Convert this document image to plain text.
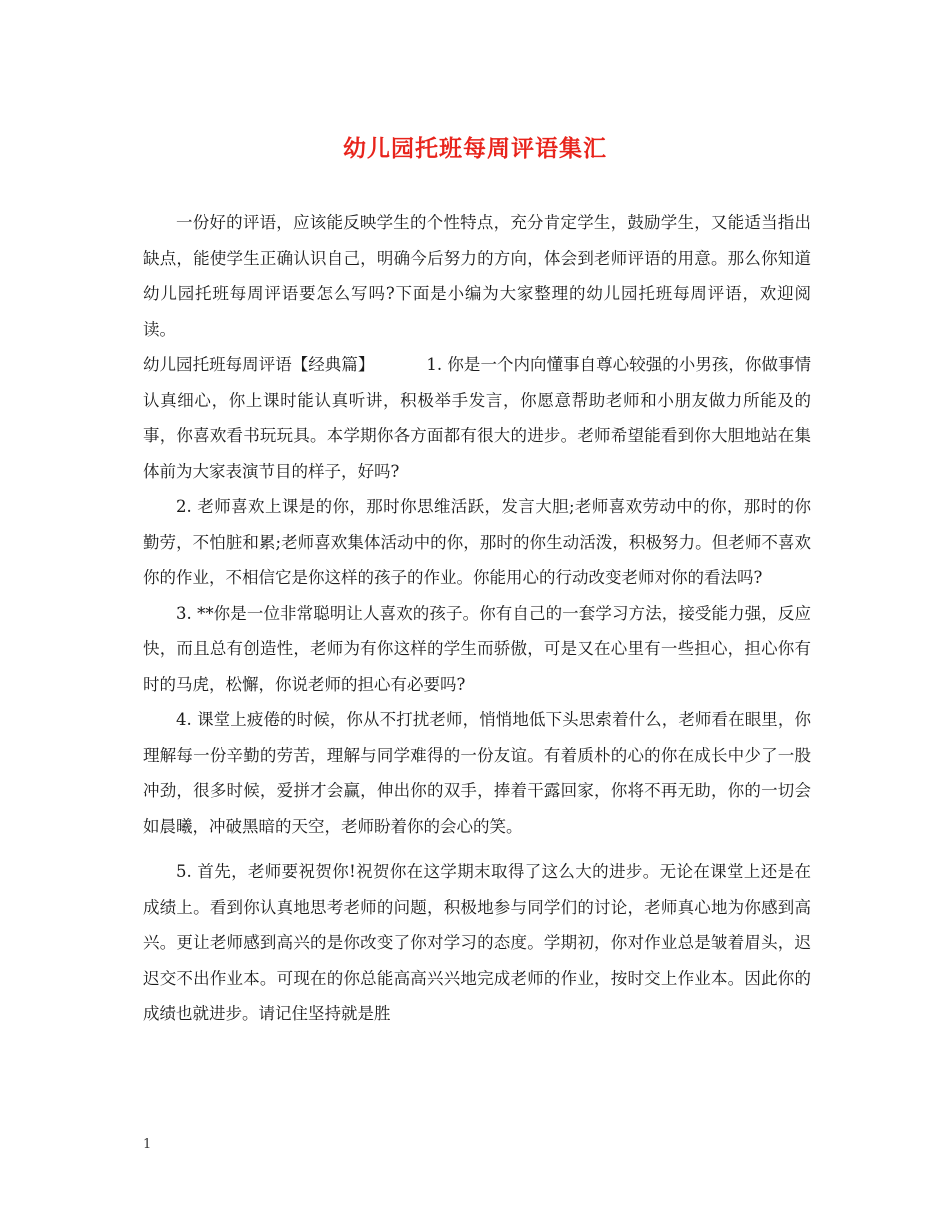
幼儿园托班每周评语集汇

一份好的评语，应该能反映学生的个性特点，充分肯定学生，鼓励学生，又能适当指出缺点，能使学生正确认识自己，明确今后努力的方向，体会到老师评语的用意。那么你知道幼儿园托班每周评语要怎么写吗?下面是小编为大家整理的幼儿园托班每周评语，欢迎阅读。

幼儿园托班每周评语【经典篇】	1. 你是一个内向懂事自尊心较强的小男孩，你做事情认真细心，你上课时能认真听讲，积极举手发言，你愿意帮助老师和小朋友做力所能及的事，你喜欢看书玩玩具。本学期你各方面都有很大的进步。老师希望能看到你大胆地站在集体前为大家表演节目的样子，好吗?

2. 老师喜欢上课是的你，那时你思维活跃，发言大胆;老师喜欢劳动中的你，那时的你勤劳，不怕脏和累;老师喜欢集体活动中的你，那时的你生动活泼，积极努力。但老师不喜欢你的作业，不相信它是你这样的孩子的作业。你能用心的行动改变老师对你的看法吗?

3. **你是一位非常聪明让人喜欢的孩子。你有自己的一套学习方法，接受能力强，反应快，而且总有创造性，老师为有你这样的学生而骄傲，可是又在心里有一些担心，担心你有时的马虎，松懈，你说老师的担心有必要吗?

4. 课堂上疲倦的时候，你从不打扰老师，悄悄地低下头思索着什么，老师看在眼里，你理解每一份辛勤的劳苦，理解与同学难得的一份友谊。有着质朴的心的你在成长中少了一股冲劲，很多时候，爱拼才会赢，伸出你的双手，捧着干露回家，你将不再无助，你的一切会如晨曦，冲破黑暗的天空，老师盼着你的会心的笑。

5. 首先，老师要祝贺你!祝贺你在这学期末取得了这么大的进步。无论在课堂上还是在成绩上。看到你认真地思考老师的问题，积极地参与同学们的讨论，老师真心地为你感到高兴。更让老师感到高兴的是你改变了你对学习的态度。学期初，你对作业总是皱着眉头，迟迟交不出作业本。可现在的你总能高高兴兴地完成老师的作业，按时交上作业本。因此你的成绩也就进步。请记住坚持就是胜

1
